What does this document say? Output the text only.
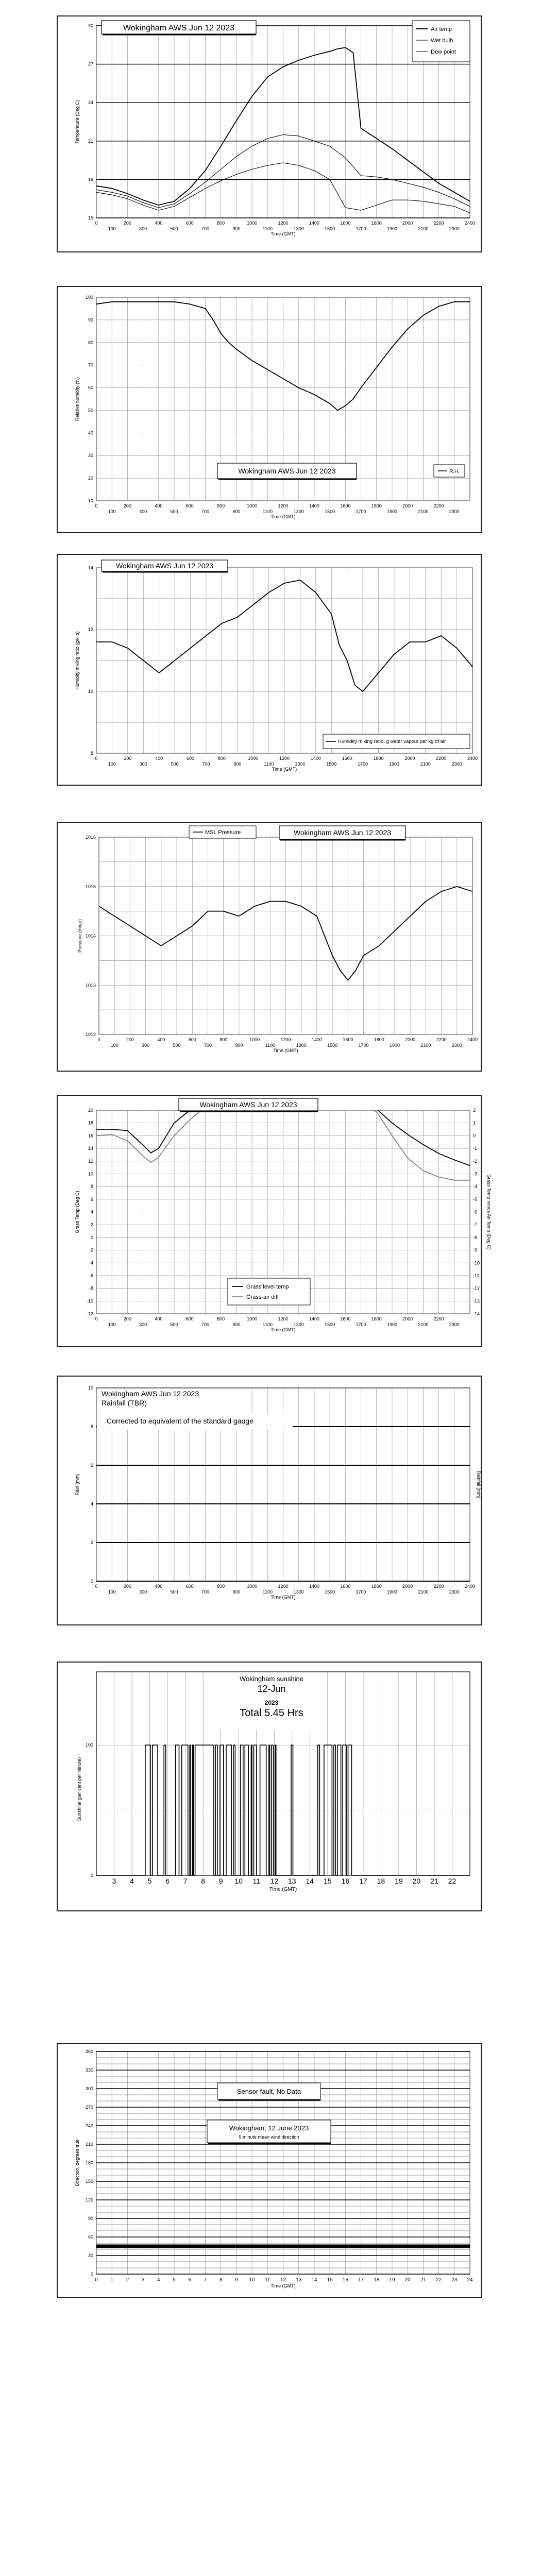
15
18
21
24
27
30
0	200	400	600	800	1000	1200	1400	1600	1800	2000	2200	2400
100	300	500	700	900	1100	1300	1500	1700	1900	2100	2300
Time (GMT)
Temperature (Deg C)
Wokingham AWS Jun 12 2023	Air temp
Wet bulb
Dew point
10
20
30
40
50
60
70
80
90
100
0	200	400	600	800	1000	1200	1400	1600	1800	2000	2200
100	300	500	700	900	1100	1300	1500	1700	1900	2100	2300
Time (GMT)
Relative humidity (%)
Wokingham AWS Jun 12 2023	R.H.
8
10
12
14
0	200	400	600	800	1000	1200	1400	1600	1800	2000	2200	2400
100	300	500	700	900	1100	1300	1500	1700	1900	2100	2300
Time (GMT)
Humidity mixing ratio (g/kilo)
Wokingham AWS Jun 12 2023
Humidity mixing ratio, g water vapour per kg of air
1012
1013
1014
1015
1016
0	200	400	600	800	1000	1200	1400	1600	1800	2000	2200	2400
100	300	500	700	900	1100	1300	1500	1700	1900	2100	2300
Time (GMT)
Pressure (mbar)
Wokingham AWS Jun 12 2023
MSL Pressure
-12
-10
-8
-6
-4
-2
0
2
4
6
8
10
12
14
16
18
20
0	200	400	600	800	1000	1200	1400	1600	1800	2000	2200
100	300	500	700	900	1100	1300	1500	1700	1900	2100	2300
Time (GMT)
Grass Temp (Deg C)
-14
-13
-12
-11
-10
-9
-8
-7
-6
-5
-4
-3
-2
-1
0
1
2
Grass Temp minus Air Temp (Deg C)
Wokingham AWS Jun 12 2023
Grass level temp
Grass-air diff
0
2
4
6
8
10
0	200	400	600	800	1000	1200	1400	1600	1800	2000	2200	2400
100	300	500	700	900	1100	1300	1500	1700	1900	2100	2300
Time (GMT)
Rain (mm)	Rainfall (mm)
Wokingham AWS Jun 12 2023
Rainfall (TBR)
Corrected to equivalent of the standard gauge
0
100
3 4 5 6 7 8 9 10 11 12 13 14 15 16 17 18 19 20 21 22
Time (GMT)
Sunshine (per cent per minute)
Wokingham sunshine
12-Jun
2023
Total 5.45 Hrs
0
30
60
90
120
150
180
210
240
270
300
330
360
0 1 2 3 4 5 6 7 8 9 10 11 12 13 14 15 16 17 18 19 20 21 22 23 24
Time (GMT)
Direction, degrees true
Sensor fault, No Data
Wokingham, 12 June 2023
5 minute mean wind direction
